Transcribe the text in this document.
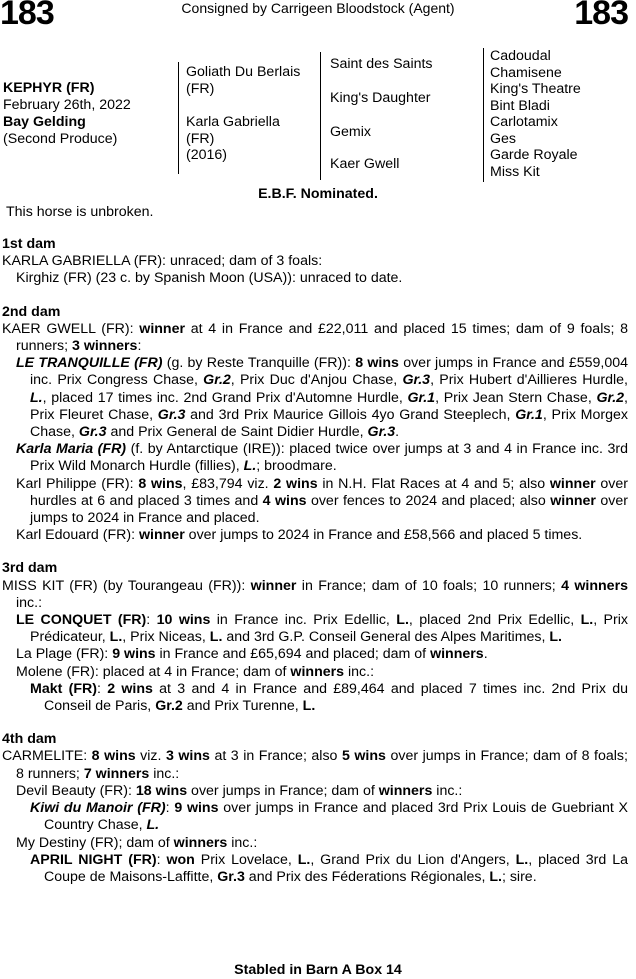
183	Consigned by Carrigeen Bloodstock (Agent)	183
KEPHYR (FR)
February 26th, 2022
Bay Gelding
(Second Produce)
Goliath Du Berlais (FR)
Karla Gabriella
(FR)
(2016)
Saint des Saints
King's Daughter
Gemix
Kaer Gwell
Cadoudal
Chamisene
King's Theatre
Bint Bladi
Carlotamix
Ges
Garde Royale
Miss Kit
E.B.F. Nominated.
This horse is unbroken.
1st dam
KARLA GABRIELLA (FR): unraced; dam of 3 foals:
Kirghiz (FR) (23 c. by Spanish Moon (USA)): unraced to date.
2nd dam
KAER GWELL (FR): winner at 4 in France and £22,011 and placed 15 times; dam of 9 foals; 8 runners; 3 winners:
LE TRANQUILLE (FR) (g. by Reste Tranquille (FR)): 8 wins over jumps in France and £559,004 inc. Prix Congress Chase, Gr.2, Prix Duc d'Anjou Chase, Gr.3, Prix Hubert d'Aillieres Hurdle, L., placed 17 times inc. 2nd Grand Prix d'Automne Hurdle, Gr.1, Prix Jean Stern Chase, Gr.2, Prix Fleuret Chase, Gr.3 and 3rd Prix Maurice Gillois 4yo Grand Steeplech, Gr.1, Prix Morgex Chase, Gr.3 and Prix General de Saint Didier Hurdle, Gr.3.
Karla Maria (FR) (f. by Antarctique (IRE)): placed twice over jumps at 3 and 4 in France inc. 3rd Prix Wild Monarch Hurdle (fillies), L.; broodmare.
Karl Philippe (FR): 8 wins, £83,794 viz. 2 wins in N.H. Flat Races at 4 and 5; also winner over hurdles at 6 and placed 3 times and 4 wins over fences to 2024 and placed; also winner over jumps to 2024 in France and placed.
Karl Edouard (FR): winner over jumps to 2024 in France and £58,566 and placed 5 times.
3rd dam
MISS KIT (FR) (by Tourangeau (FR)): winner in France; dam of 10 foals; 10 runners; 4 winners inc.:
LE CONQUET (FR): 10 wins in France inc. Prix Edellic, L., placed 2nd Prix Edellic, L., Prix Prédicateur, L., Prix Niceas, L. and 3rd G.P. Conseil General des Alpes Maritimes, L.
La Plage (FR): 9 wins in France and £65,694 and placed; dam of winners.
Molene (FR): placed at 4 in France; dam of winners inc.:
Makt (FR): 2 wins at 3 and 4 in France and £89,464 and placed 7 times inc. 2nd Prix du Conseil de Paris, Gr.2 and Prix Turenne, L.
4th dam
CARMELITE: 8 wins viz. 3 wins at 3 in France; also 5 wins over jumps in France; dam of 8 foals; 8 runners; 7 winners inc.:
Devil Beauty (FR): 18 wins over jumps in France; dam of winners inc.:
Kiwi du Manoir (FR): 9 wins over jumps in France and placed 3rd Prix Louis de Guebriant X Country Chase, L.
My Destiny (FR); dam of winners inc.:
APRIL NIGHT (FR): won Prix Lovelace, L., Grand Prix du Lion d'Angers, L., placed 3rd La Coupe de Maisons-Laffitte, Gr.3 and Prix des Féderations Régionales, L.; sire.
Stabled in Barn A Box 14
